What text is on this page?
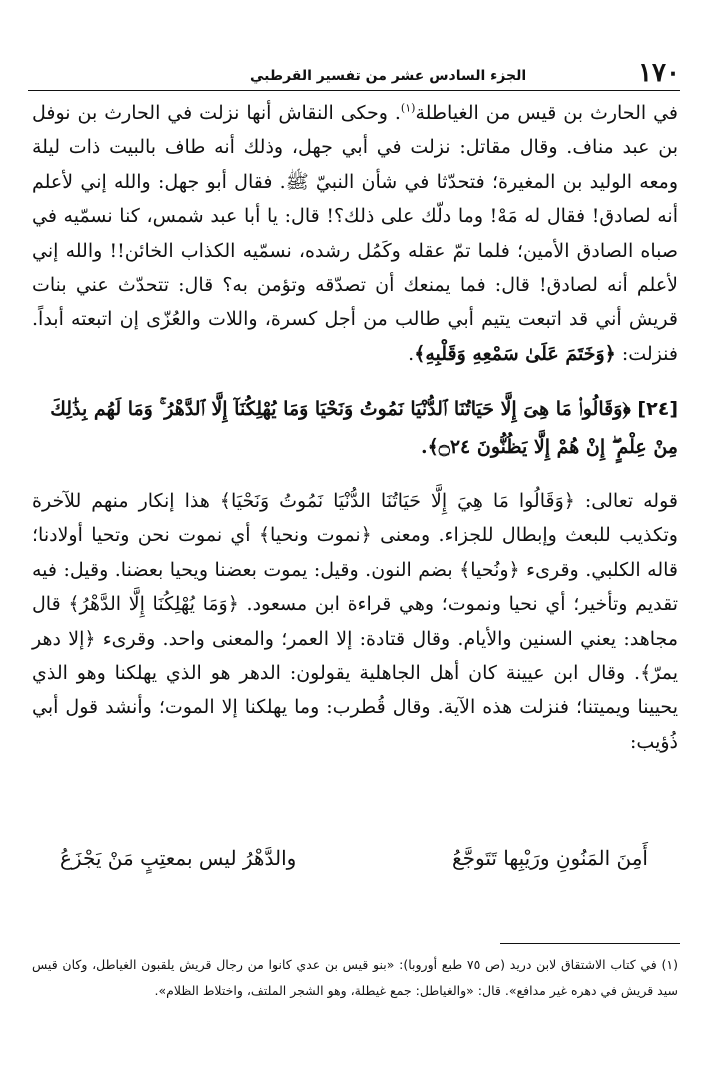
١٧٠
الجزء السادس عشر من تفسير القرطبي
في الحارث بن قيس من الغياطلة$^{(١)}$. وحكى النقاش أنها نزلت في الحارث بن نوفل بن عبد مناف. وقال مقاتل: نزلت في أبي جهل، وذلك أنه طاف بالبيت ذات ليلة ومعه الوليد بن المغيرة؛ فتحدّثا في شأن النبيّ ﷺ. فقال أبو جهل: والله إني لأعلم أنه لصادق! فقال له مَهْ! وما دلّك على ذلك؟! قال: يا أبا عبد شمس، كنا نسمّيه في صباه الصادق الأمين؛ فلما تمّ عقله وكَمُل رشده، نسمّيه الكذاب الخائن!! والله إني لأعلم أنه لصادق! قال: فما يمنعك أن تصدّقه وتؤمن به؟ قال: تتحدّث عني بنات قريش أني قد اتبعت يتيم أبي طالب من أجل كسرة، واللات والعُزّى إن اتبعته أبداً. فنزلت: ﴿وَخَتَمَ عَلَىٰ سَمْعِهِ وَقَلْبِهِ﴾.
[٢٤] ﴿وَقَالُوا۟ مَا هِىَ إِلَّا حَيَاتُنَا ٱلدُّنْيَا نَمُوتُ وَنَحْيَا وَمَا يُهْلِكُنَآ إِلَّا ٱلدَّهْرُ ۚ وَمَا لَهُم بِذَٰلِكَ مِنْ عِلْمٍ ۖ إِنْ هُمْ إِلَّا يَظُنُّونَ ۝٢٤﴾.
قوله تعالى: ﴿وَقَالُوا مَا هِيَ إِلَّا حَيَاتُنَا الدُّنْيَا نَمُوتُ وَنَحْيَا﴾ هذا إنكار منهم للآخرة وتكذيب للبعث وإبطال للجزاء. ومعنى ﴿نموت ونحيا﴾ أي نموت نحن وتحيا أولادنا؛ قاله الكلبي. وقرىء ﴿ونُحيا﴾ بضم النون. وقيل: يموت بعضنا ويحيا بعضنا. وقيل: فيه تقديم وتأخير؛ أي نحيا ونموت؛ وهي قراءة ابن مسعود. ﴿وَمَا يُهْلِكُنَا إِلَّا الدَّهْرُ﴾ قال مجاهد: يعني السنين والأيام. وقال قتادة: إلا العمر؛ والمعنى واحد. وقرىء ﴿إلا دهر يمرّ﴾. وقال ابن عيينة كان أهل الجاهلية يقولون: الدهر هو الذي يهلكنا وهو الذي يحيينا ويميتنا؛ فنزلت هذه الآية. وقال قُطرب: وما يهلكنا إلا الموت؛ وأنشد قول أبي ذُؤيب:
أَمِنَ المَنُونِ ورَيْبِها تَتَوجَّعُ
والدَّهْرُ ليس بمعتِبٍ مَنْ يَجْزَعُ
(١) في كتاب الاشتقاق لابن دريد (ص ٧٥ طبع أوروبا): «بنو قيس بن عدي كانوا من رجال قريش يلقبون الغياطل، وكان قيس سيد قريش في دهره غير مدافع». قال: «والغياطل: جمع غيطلة، وهو الشجر الملتف، واختلاط الظلام».
